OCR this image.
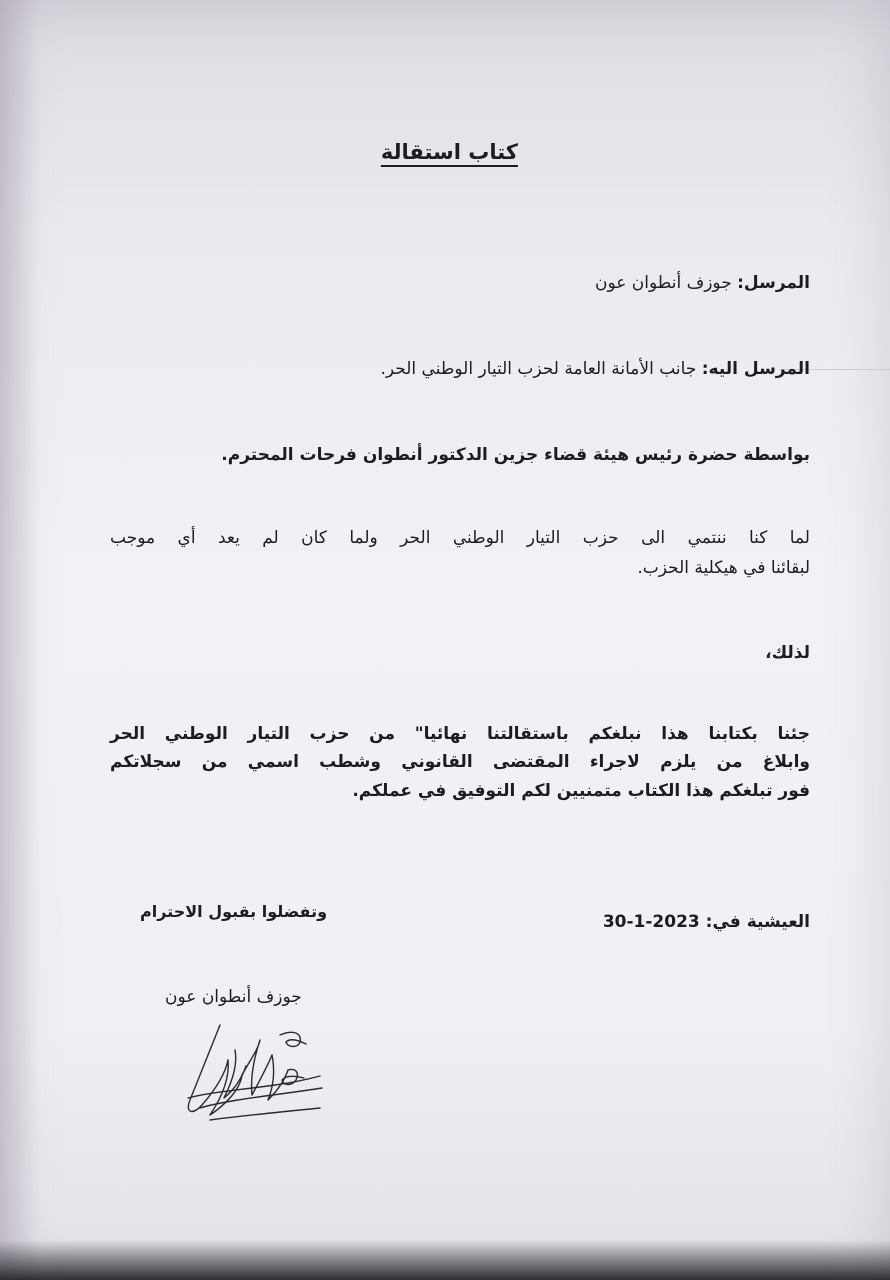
كتاب استقالة
المرسل: جوزف أنطوان عون
المرسل اليه: جانب الأمانة العامة لحزب التيار الوطني الحر.
بواسطة حضرة رئيس هيئة قضاء جزين الدكتور أنطوان فرحات المحترم.
لما كنا ننتمي الى حزب التيار الوطني الحر ولما كان لم يعد أي موجب
لبقائنا في هيكلية الحزب.
لذلك،
جئنا بكتابنا هذا نبلغكم باستقالتنا نهائيا" من حزب التيار الوطني الحر
وابلاغ من يلزم لاجراء المقتضى القانوني وشطب اسمي من سجلاتكم
فور تبلغكم هذا الكتاب متمنيين لكم التوفيق في عملكم.
العيشية في: 30-1-2023
وتفضلوا بقبول الاحترام
جوزف أنطوان عون
